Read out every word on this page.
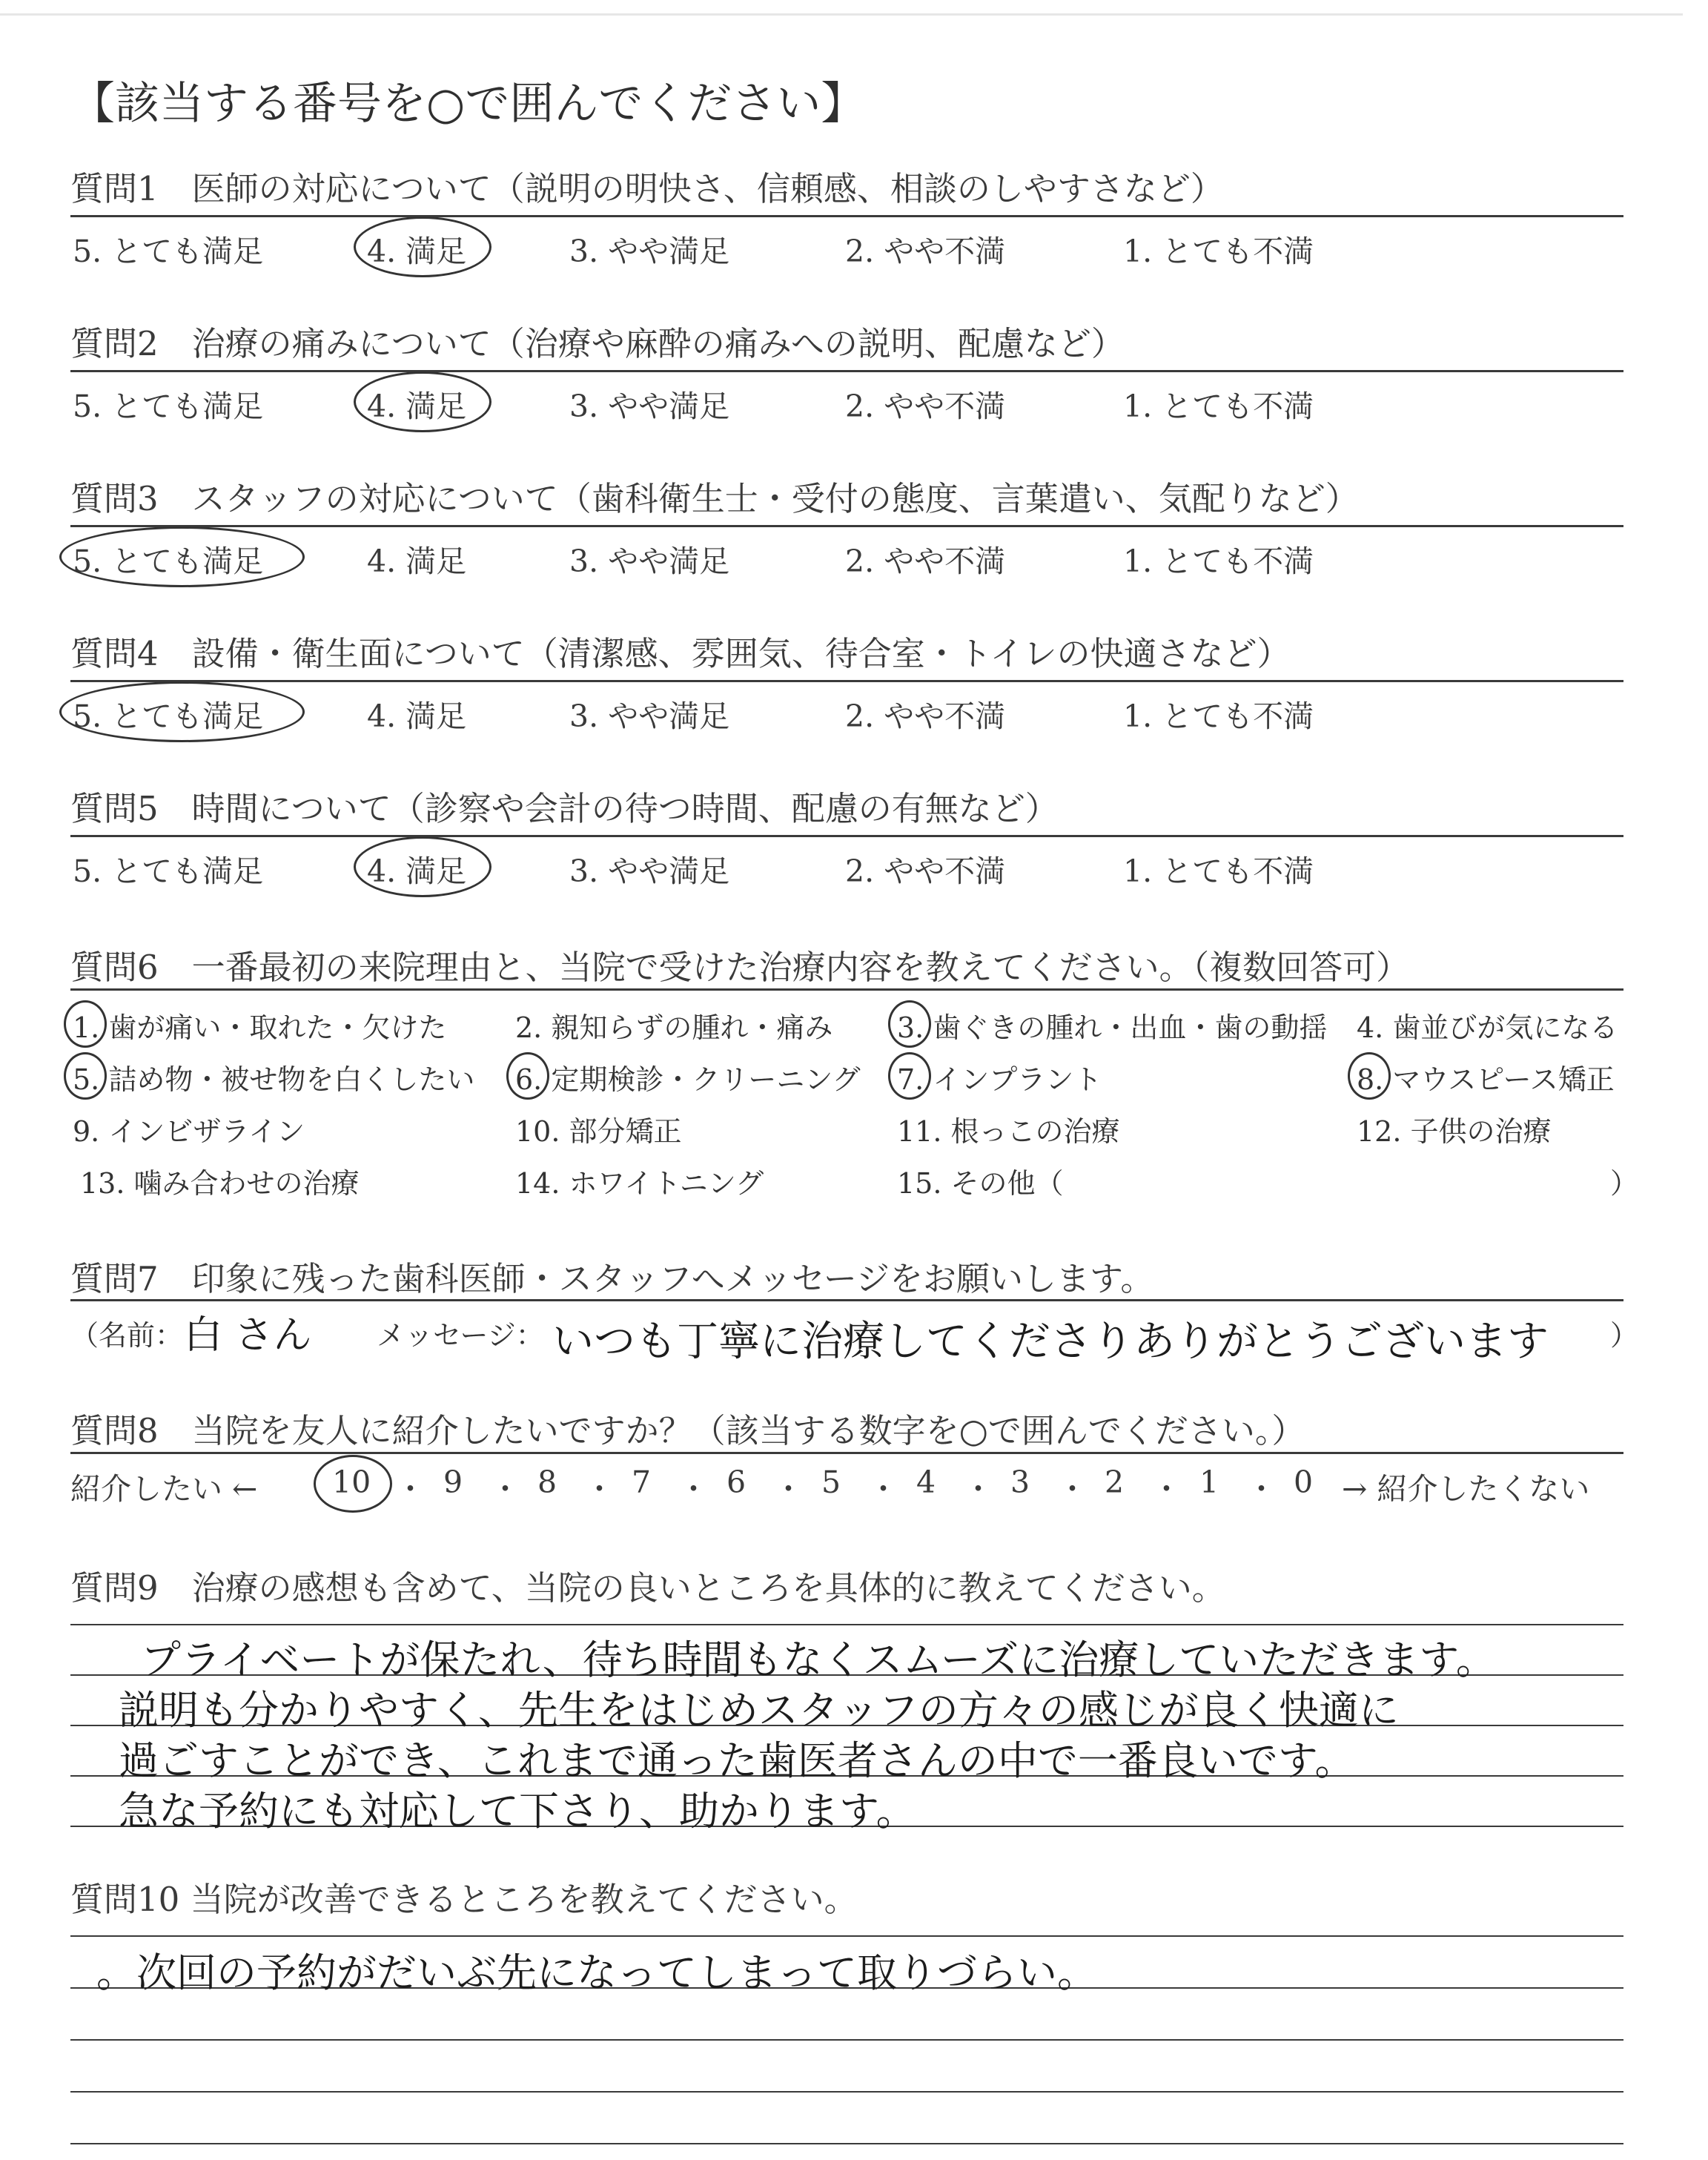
【該当する番号を○で囲んでください】
質問1　医師の対応について（説明の明快さ、信頼感、相談のしやすさなど）
5. とても満足	4. 満足	3. やや満足	2. やや不満	1. とても不満
質問2　治療の痛みについて（治療や麻酔の痛みへの説明、配慮など）
5. とても満足	4. 満足	3. やや満足	2. やや不満	1. とても不満
質問3　スタッフの対応について（歯科衛生士・受付の態度、言葉遣い、気配りなど）
5. とても満足	4. 満足	3. やや満足	2. やや不満	1. とても不満
質問4　設備・衛生面について（清潔感、雰囲気、待合室・トイレの快適さなど）
5. とても満足	4. 満足	3. やや満足	2. やや不満	1. とても不満
質問5　時間について（診察や会計の待つ時間、配慮の有無など）
5. とても満足	4. 満足	3. やや満足	2. やや不満	1. とても不満
質問6　一番最初の来院理由と、当院で受けた治療内容を教えてください。（複数回答可）
1. 歯が痛い・取れた・欠けた 2. 親知らずの腫れ・痛み 3. 歯ぐきの腫れ・出血・歯の動揺 4. 歯並びが気になる
5. 詰め物・被せ物を白くしたい 6. 定期検診・クリーニング 7. インプラント	8. マウスピース矯正
9. インビザライン	10. 部分矯正	11. 根っこの治療	12. 子供の治療
13. 噛み合わせの治療	14. ホワイトニング	15. その他（	）
質問7　印象に残った歯科医師・スタッフへメッセージをお願いします。
（名前： 白 さん メッセージ： いつも丁寧に治療してくださりありがとうございます ）
質問8　当院を友人に紹介したいですか？（該当する数字を○で囲んでください。）
紹介したい ← 10 ・ 9 ・ 8 ・ 7 ・ 6 ・ 5 ・ 4 ・ 3 ・ 2 ・ 1 ・ 0 → 紹介したくない
質問9　治療の感想も含めて、当院の良いところを具体的に教えてください。
プライベートが保たれ、待ち時間もなくスムーズに治療していただきます。
説明も分かりやすく、先生をはじめスタッフの方々の感じが良く快適に
過ごすことができ、これまで通った歯医者さんの中で一番良いです。
急な予約にも対応して下さり、助かります。
質問10 当院が改善できるところを教えてください。
。次回の予約がだいぶ先になってしまって取りづらい。
